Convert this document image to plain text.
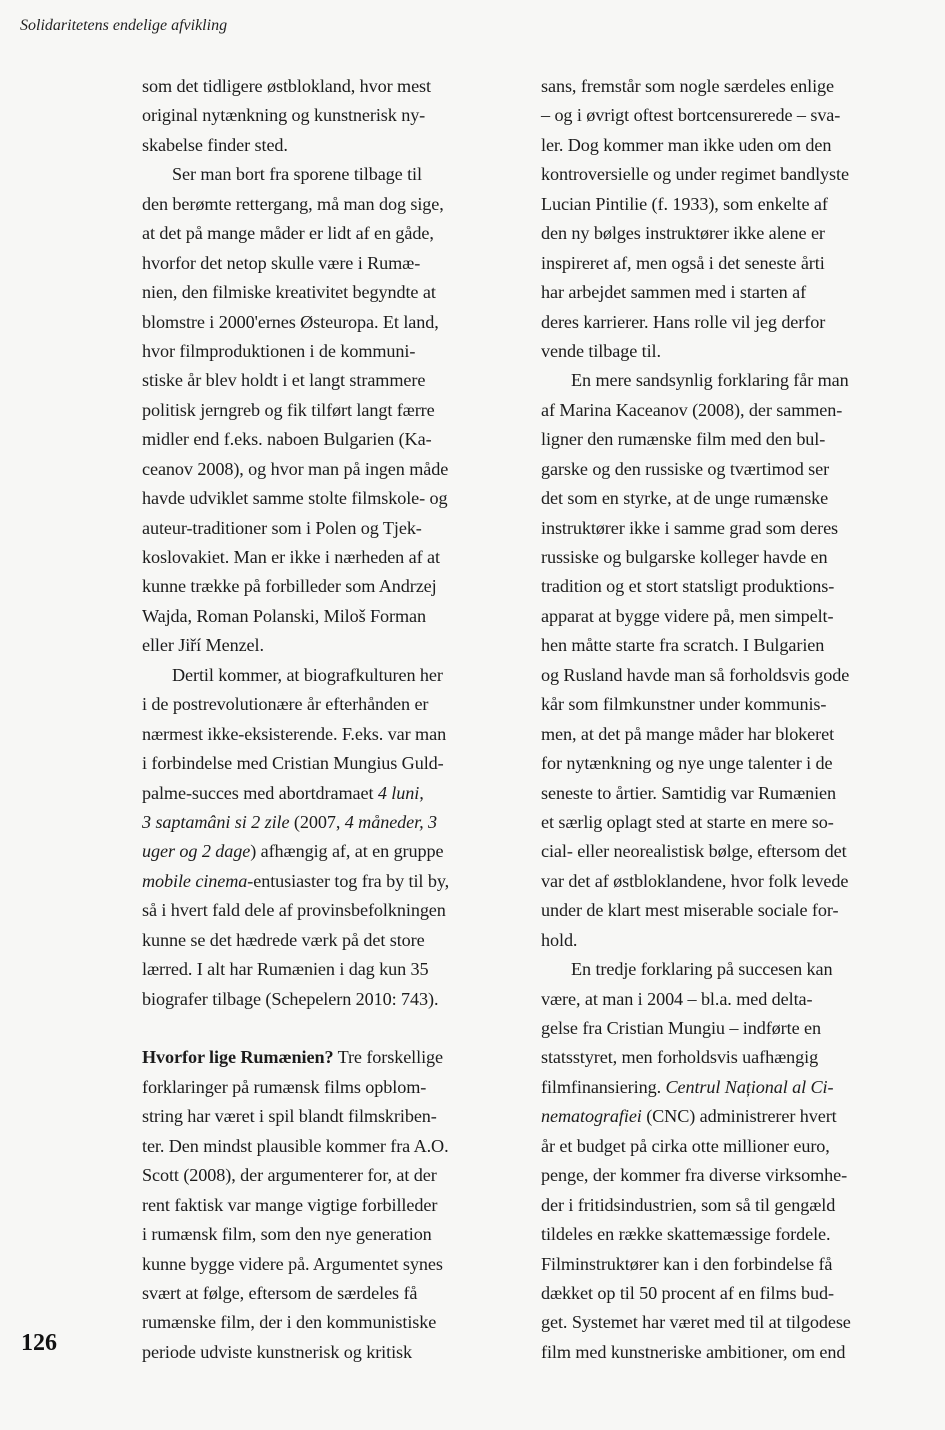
Solidaritetens endelige afvikling
som det tidligere østblokland, hvor mest
original nytænkning og kunstnerisk ny-
skabelse finder sted.
Ser man bort fra sporene tilbage til
den berømte rettergang, må man dog sige,
at det på mange måder er lidt af en gåde,
hvorfor det netop skulle være i Rumæ-
nien, den filmiske kreativitet begyndte at
blomstre i 2000'ernes Østeuropa. Et land,
hvor filmproduktionen i de kommuni-
stiske år blev holdt i et langt strammere
politisk jerngreb og fik tilført langt færre
midler end f.eks. naboen Bulgarien (Ka-
ceanov 2008), og hvor man på ingen måde
havde udviklet samme stolte filmskole- og
auteur-traditioner som i Polen og Tjek-
koslovakiet. Man er ikke i nærheden af at
kunne trække på forbilleder som Andrzej
Wajda, Roman Polanski, Miloš Forman
eller Jiří Menzel.
Dertil kommer, at biografkulturen her
i de postrevolutionære år efterhånden er
nærmest ikke-eksisterende. F.eks. var man
i forbindelse med Cristian Mungius Guld-
palme-succes med abortdramaet 4 luni,
3 saptamâni si 2 zile (2007, 4 måneder, 3
uger og 2 dage) afhængig af, at en gruppe
mobile cinema-entusiaster tog fra by til by,
så i hvert fald dele af provinsbefolkningen
kunne se det hædrede værk på det store
lærred. I alt har Rumænien i dag kun 35
biografer tilbage (Schepelern 2010: 743).
Hvorfor lige Rumænien? Tre forskellige
forklaringer på rumænsk films opblom-
string har været i spil blandt filmskriben-
ter. Den mindst plausible kommer fra A.O.
Scott (2008), der argumenterer for, at der
rent faktisk var mange vigtige forbilleder
i rumænsk film, som den nye generation
kunne bygge videre på. Argumentet synes
svært at følge, eftersom de særdeles få
rumænske film, der i den kommunistiske
periode udviste kunstnerisk og kritisk
sans, fremstår som nogle særdeles enlige
– og i øvrigt oftest bortcensurerede – sva-
ler. Dog kommer man ikke uden om den
kontroversielle og under regimet bandlyste
Lucian Pintilie (f. 1933), som enkelte af
den ny bølges instruktører ikke alene er
inspireret af, men også i det seneste årti
har arbejdet sammen med i starten af
deres karrierer. Hans rolle vil jeg derfor
vende tilbage til.
En mere sandsynlig forklaring får man
af Marina Kaceanov (2008), der sammen-
ligner den rumænske film med den bul-
garske og den russiske og tværtimod ser
det som en styrke, at de unge rumænske
instruktører ikke i samme grad som deres
russiske og bulgarske kolleger havde en
tradition og et stort statsligt produktions-
apparat at bygge videre på, men simpelt-
hen måtte starte fra scratch. I Bulgarien
og Rusland havde man så forholdsvis gode
kår som filmkunstner under kommunis-
men, at det på mange måder har blokeret
for nytænkning og nye unge talenter i de
seneste to årtier. Samtidig var Rumænien
et særlig oplagt sted at starte en mere so-
cial- eller neorealistisk bølge, eftersom det
var det af østbloklandene, hvor folk levede
under de klart mest miserable sociale for-
hold.
En tredje forklaring på succesen kan
være, at man i 2004 – bl.a. med delta-
gelse fra Cristian Mungiu – indførte en
statsstyret, men forholdsvis uafhængig
filmfinansiering. Centrul Național al Ci-
nematografiei (CNC) administrerer hvert
år et budget på cirka otte millioner euro,
penge, der kommer fra diverse virksomhe-
der i fritidsindustrien, som så til gengæld
tildeles en række skattemæssige fordele.
Filminstruktører kan i den forbindelse få
dækket op til 50 procent af en films bud-
get. Systemet har været med til at tilgodese
film med kunstneriske ambitioner, om end
126
